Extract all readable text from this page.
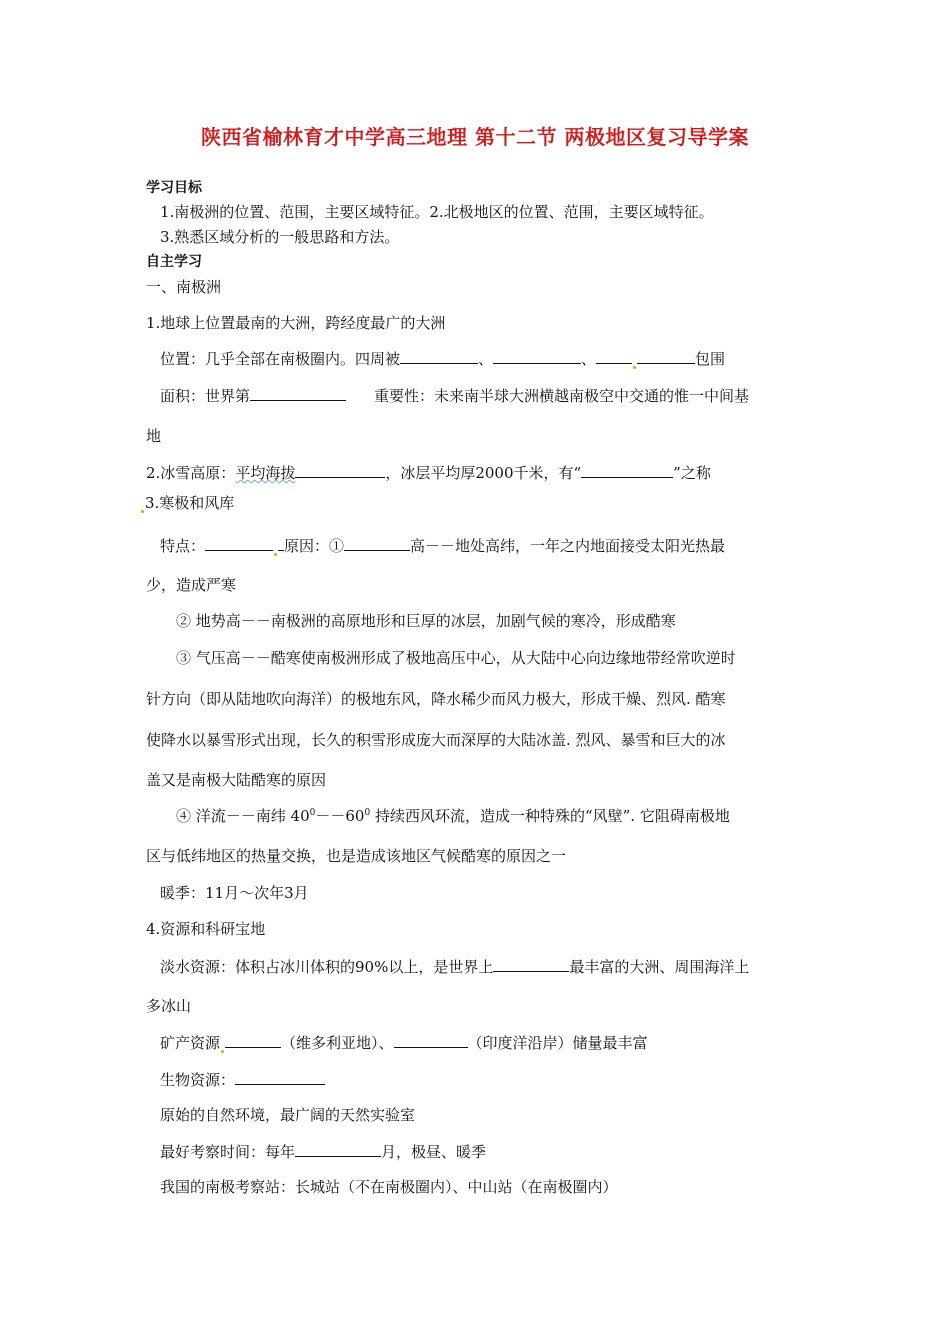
陕西省榆林育才中学高三地理 第十二节 两极地区复习导学案
学习目标
1.南极洲的位置、范围，主要区域特征。2.北极地区的位置、范围，主要区域特征。
3.熟悉区域分析的一般思路和方法。
自主学习
一、南极洲
1.地球上位置最南的大洲，跨经度最广的大洲
位置：几乎全部在南极圈内。四周被	、	、	包围
面积：世界第	重要性：未来南半球大洲横越南极空中交通的惟一中间基
地
2.冰雪高原：平均海拔	，冰层平均厚2000千米，有“	”之称
3.寒极和风库
特点：	原因：①	高－－地处高纬，一年之内地面接受太阳光热最
少，造成严寒
② 地势高－－南极洲的高原地形和巨厚的冰层，加剧气候的寒冷，形成酷寒
③ 气压高－－酷寒使南极洲形成了极地高压中心，从大陆中心向边缘地带经常吹逆时
针方向（即从陆地吹向海洋）的极地东风，降水稀少而风力极大，形成干燥、烈风. 酷寒
使降水以暴雪形式出现，长久的积雪形成庞大而深厚的大陆冰盖. 烈风、暴雪和巨大的冰
盖又是南极大陆酷寒的原因
④ 洋流－－南纬 $40^0--60^0$ 持续西风环流，造成一种特殊的“风壁”. 它阻碍南极地
区与低纬地区的热量交换，也是造成该地区气候酷寒的原因之一
暖季：11月～次年3月
4.资源和科研宝地
淡水资源：体积占冰川体积的90%以上，是世界上	最丰富的大洲、周围海洋上
多冰山
矿产资源	（维多利亚地）、	（印度洋沿岸）储量最丰富
生物资源：
原始的自然环境，最广阔的天然实验室
最好考察时间：每年	月，极昼、暖季
我国的南极考察站：长城站（不在南极圈内）、中山站（在南极圈内）
